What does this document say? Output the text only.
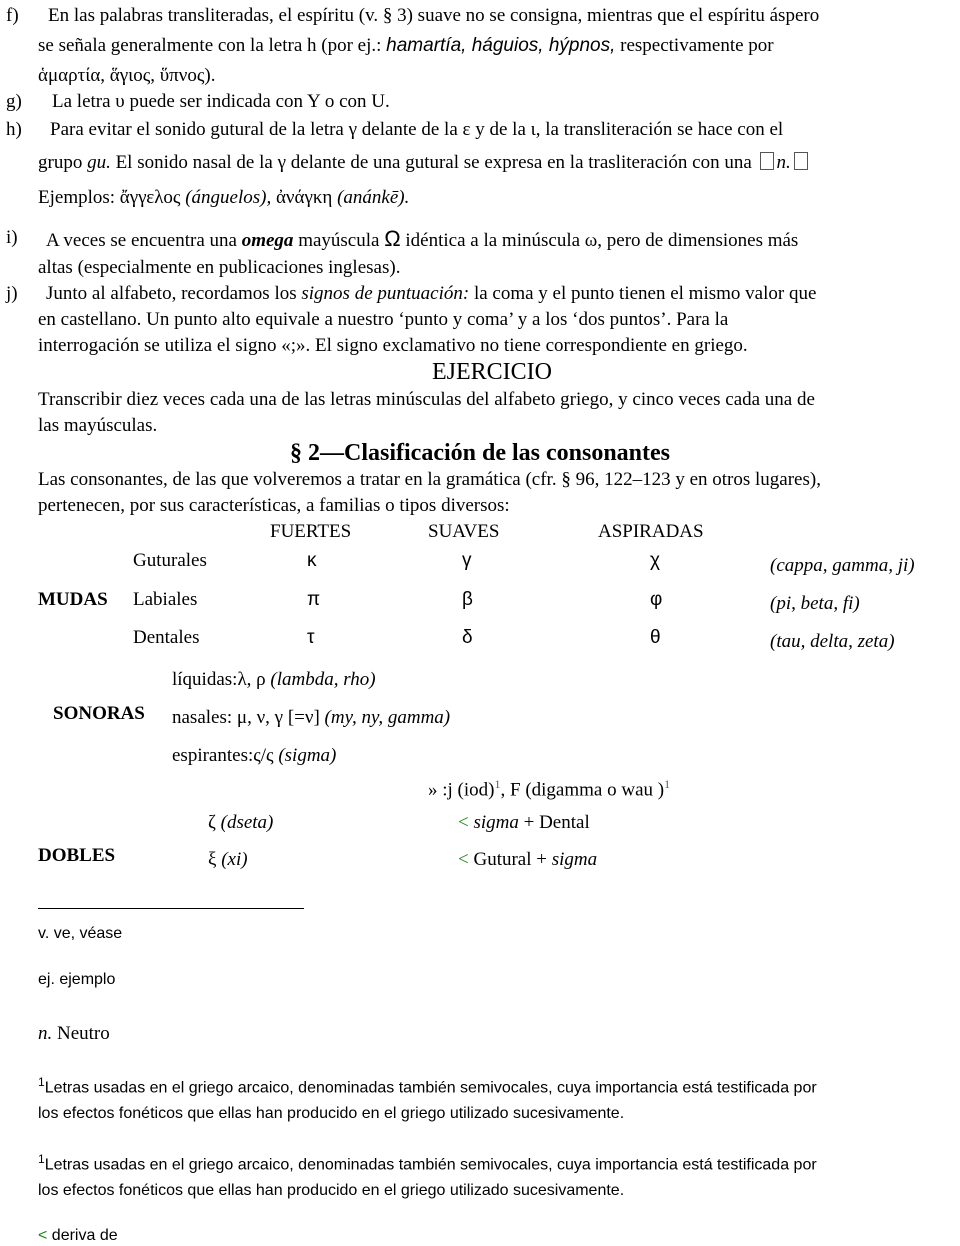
f) En las palabras transliteradas, el espíritu (v. § 3) suave no se consigna, mientras que el espíritu áspero
se señala generalmente con la letra h (por ej.: hamartía, háguios, hýpnos, respectivamente por
ἁμαρτία, ἅγιος, ὕπνος).
g) La letra υ puede ser indicada con Y o con U.
h) Para evitar el sonido gutural de la letra γ delante de la ε y de la ι, la transliteración se hace con el
grupo gu. El sonido nasal de la γ delante de una gutural se expresa en la trasliteración con una n.
Ejemplos: ἄγγελος (ánguelos), ἀνάγκη (anánkē).
i) A veces se encuentra una omega mayúscula Ω idéntica a la minúscula ω, pero de dimensiones más
altas (especialmente en publicaciones inglesas).
j) Junto al alfabeto, recordamos los signos de puntuación: la coma y el punto tienen el mismo valor que
en castellano. Un punto alto equivale a nuestro ‘punto y coma’ y a los ‘dos puntos’. Para la
interrogación se utiliza el signo «;». El signo exclamativo no tiene correspondiente en griego.
EJERCICIO
Transcribir diez veces cada una de las letras minúsculas del alfabeto griego, y cinco veces cada una de
las mayúsculas.
§ 2—Clasificación de las consonantes
Las consonantes, de las que volveremos a tratar en la gramática (cfr. § 96, 122–123 y en otros lugares),
pertenecen, por sus características, a familias o tipos diversos:
FUERTES	SUAVES	ASPIRADAS
Guturales	κ	γ	χ	(cappa, gamma, ji)
MUDAS Labiales	π	β	φ	(pi, beta, fi)
Dentales	τ	δ	θ	(tau, delta, zeta)
líquidas:λ, ρ (lambda, rho)
SONORAS nasales: μ, ν, γ [=ν] (my, ny, gamma)
espirantes:ς/ς (sigma)
» :j (iod)$^1$, F (digamma o wau )$^1$
ζ (dseta)	< sigma + Dental
DOBLES	ξ (xi)	< Gutural + sigma
v. ve, véase
ej. ejemplo
n. Neutro
$^1$Letras usadas en el griego arcaico, denominadas también semivocales, cuya importancia está testificada por
los efectos fonéticos que ellas han producido en el griego utilizado sucesivamente.
$^1$Letras usadas en el griego arcaico, denominadas también semivocales, cuya importancia está testificada por
los efectos fonéticos que ellas han producido en el griego utilizado sucesivamente.
< deriva de
